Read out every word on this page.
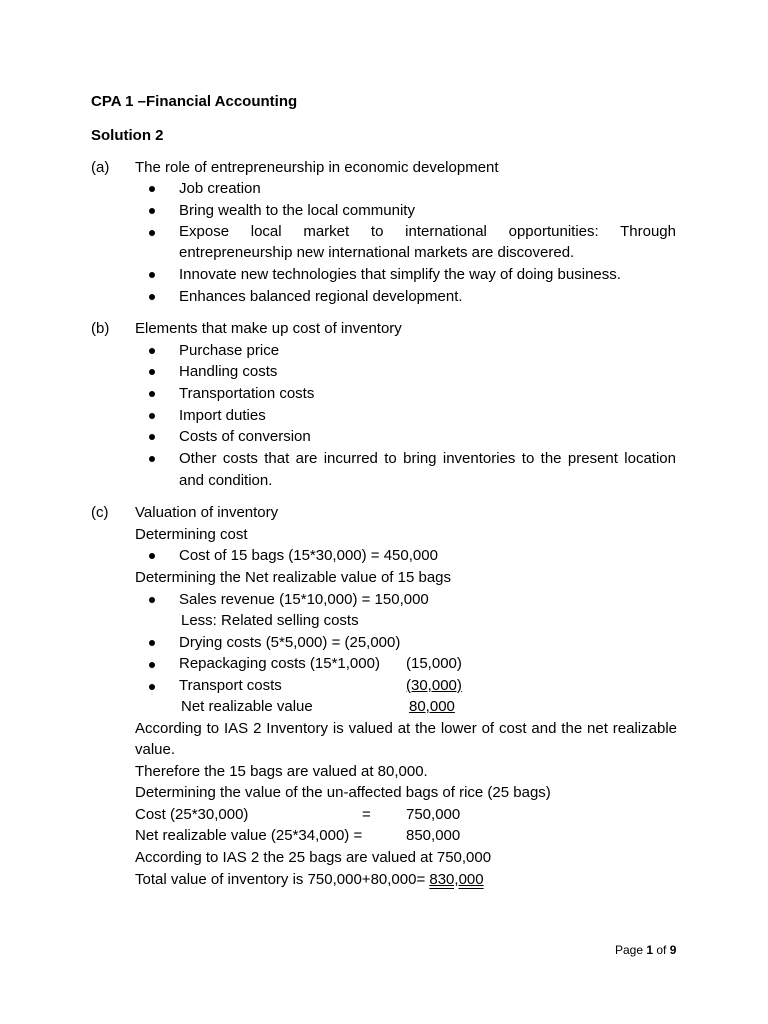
CPA 1 –Financial Accounting
Solution 2
(a) The role of entrepreneurship in economic development
Job creation
Bring wealth to the local community
Expose local market to international opportunities: Through
entrepreneurship new international markets are discovered.
Innovate new technologies that simplify the way of doing business.
Enhances balanced regional development.
(b) Elements that make up cost of inventory
Purchase price
Handling costs
Transportation costs
Import duties
Costs of conversion
Other costs that are incurred to bring inventories to the present location
and condition.
(c) Valuation of inventory
Determining cost
Cost of 15 bags (15*30,000) = 450,000
Determining the Net realizable value of 15 bags
Sales revenue (15*10,000) = 150,000
Less: Related selling costs
Drying costs (5*5,000) = (25,000)
Repackaging costs (15*1,000) (15,000)
Transport costs	(30,000)
Net realizable value	80,000
According to IAS 2 Inventory is valued at the lower of cost and the net realizable
value.
Therefore the 15 bags are valued at 80,000.
Determining the value of the un-affected bags of rice (25 bags)
Cost (25*30,000)	= 750,000
Net realizable value (25*34,000) =	850,000
According to IAS 2 the 25 bags are valued at 750,000
Total value of inventory is 750,000+80,000= 830,000
Page 1 of 9
